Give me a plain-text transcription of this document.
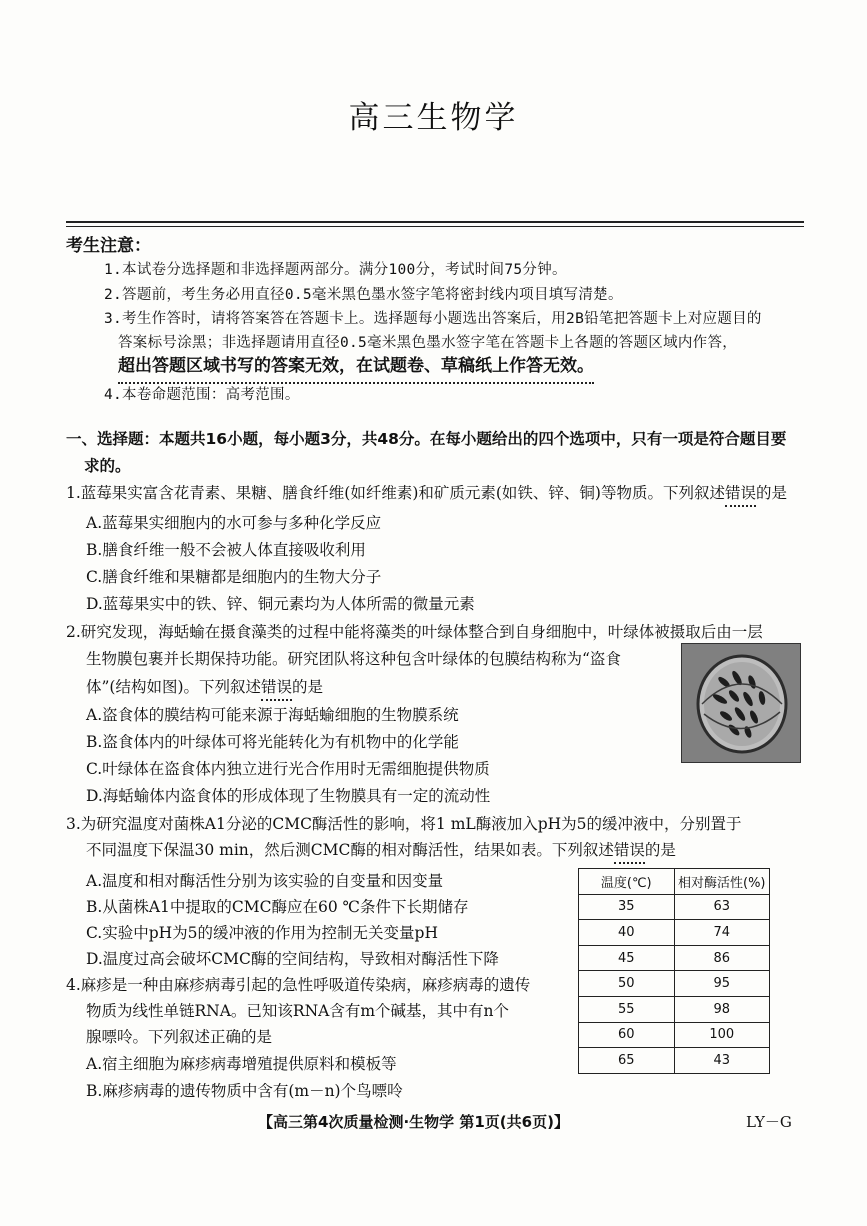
高三生物学
考生注意：
1.本试卷分选择题和非选择题两部分。满分100分，考试时间75分钟。
2.答题前，考生务必用直径0.5毫米黑色墨水签字笔将密封线内项目填写清楚。
3.考生作答时，请将答案答在答题卡上。选择题每小题选出答案后，用2B铅笔把答题卡上对应题目的
答案标号涂黑；非选择题请用直径0.5毫米黑色墨水签字笔在答题卡上各题的答题区域内作答，
超出答题区域书写的答案无效，在试题卷、草稿纸上作答无效。
4.本卷命题范围：高考范围。
一、选择题：本题共16小题，每小题3分，共48分。在每小题给出的四个选项中，只有一项是符合题目要
求的。
1.蓝莓果实富含花青素、果糖、膳食纤维(如纤维素)和矿质元素(如铁、锌、铜)等物质。下列叙述错误的是
A.蓝莓果实细胞内的水可参与多种化学反应
B.膳食纤维一般不会被人体直接吸收利用
C.膳食纤维和果糖都是细胞内的生物大分子
D.蓝莓果实中的铁、锌、铜元素均为人体所需的微量元素
2.研究发现，海蛞蝓在摄食藻类的过程中能将藻类的叶绿体整合到自身细胞中，叶绿体被摄取后由一层
生物膜包裹并长期保持功能。研究团队将这种包含叶绿体的包膜结构称为“盗食
体”(结构如图)。下列叙述错误的是
A.盗食体的膜结构可能来源于海蛞蝓细胞的生物膜系统
B.盗食体内的叶绿体可将光能转化为有机物中的化学能
C.叶绿体在盗食体内独立进行光合作用时无需细胞提供物质
D.海蛞蝓体内盗食体的形成体现了生物膜具有一定的流动性
3.为研究温度对菌株A1分泌的CMC酶活性的影响，将1 mL酶液加入pH为5的缓冲液中，分别置于
不同温度下保温30 min，然后测CMC酶的相对酶活性，结果如表。下列叙述错误的是
A.温度和相对酶活性分别为该实验的自变量和因变量
B.从菌株A1中提取的CMC酶应在60 ℃条件下长期储存
C.实验中pH为5的缓冲液的作用为控制无关变量pH
D.温度过高会破坏CMC酶的空间结构，导致相对酶活性下降
温度(℃)	相对酶活性(%)
35	63
40	74
45	86
50	95
55	98
60	100
65	43
4.麻疹是一种由麻疹病毒引起的急性呼吸道传染病，麻疹病毒的遗传
物质为线性单链RNA。已知该RNA含有m个碱基，其中有n个
腺嘌呤。下列叙述正确的是
A.宿主细胞为麻疹病毒增殖提供原料和模板等
B.麻疹病毒的遗传物质中含有(m－n)个鸟嘌呤
【高三第4次质量检测·生物学 第1页(共6页)】	LY－G
